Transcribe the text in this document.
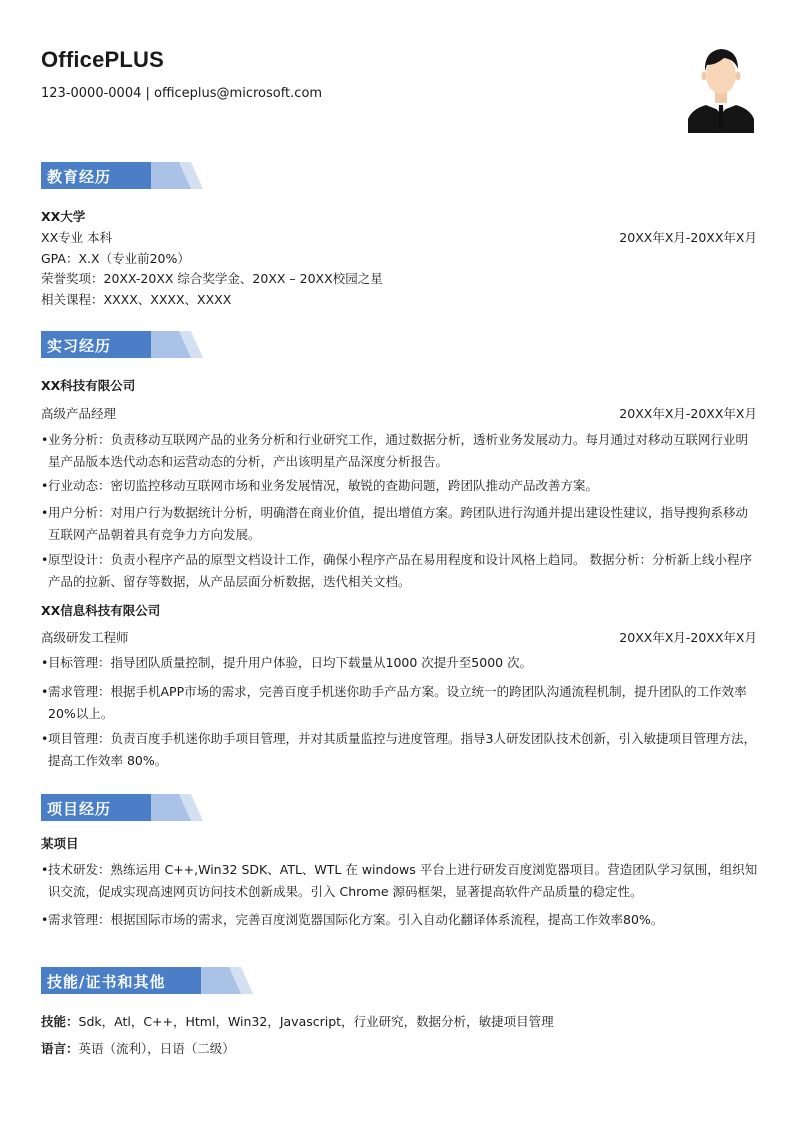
OfficePLUS
123-0000-0004 | officeplus@microsoft.com
教育经历
XX大学
XX专业 本科	20XX年X月-20XX年X月
GPA：X.X（专业前20%）
荣誉奖项：20XX-20XX 综合奖学金、20XX – 20XX校园之星
相关课程：XXXX、XXXX、XXXX
实习经历
XX科技有限公司
高级产品经理	20XX年X月-20XX年X月
• 业务分析：负责移动互联网产品的业务分析和行业研究工作，通过数据分析，透析业务发展动力。每月通过对移动互联网行业明星产品版本迭代动态和运营动态的分析，产出该明星产品深度分析报告。
• 行业动态：密切监控移动互联网市场和业务发展情况，敏锐的查勘问题，跨团队推动产品改善方案。
• 用户分析：对用户行为数据统计分析，明确潜在商业价值，提出增值方案。跨团队进行沟通并提出建设性建议，指导搜狗系移动互联网产品朝着具有竞争力方向发展。
• 原型设计：负责小程序产品的原型文档设计工作，确保小程序产品在易用程度和设计风格上趋同。 数据分析：分析新上线小程序产品的拉新、留存等数据，从产品层面分析数据，迭代相关文档。
XX信息科技有限公司
高级研发工程师	20XX年X月-20XX年X月
• 目标管理：指导团队质量控制，提升用户体验，日均下载量从1000 次提升至5000 次。
• 需求管理：根据手机APP市场的需求，完善百度手机迷你助手产品方案。设立统一的跨团队沟通流程机制，提升团队的工作效率 20%以上。
• 项目管理：负责百度手机迷你助手项目管理，并对其质量监控与进度管理。指导3人研发团队技术创新，引入敏捷项目管理方法，提高工作效率 80%。
项目经历
某项目
• 技术研发：熟练运用 C++,Win32 SDK、ATL、WTL 在 windows 平台上进行研发百度浏览器项目。营造团队学习氛围，组织知识交流，促成实现高速网页访问技术创新成果。引入 Chrome 源码框架，显著提高软件产品质量的稳定性。
• 需求管理：根据国际市场的需求，完善百度浏览器国际化方案。引入自动化翻译体系流程，提高工作效率80%。
技能/证书和其他
技能：Sdk，Atl，C++，Html，Win32，Javascript，行业研究，数据分析，敏捷项目管理
语言：英语（流利），日语（二级）
